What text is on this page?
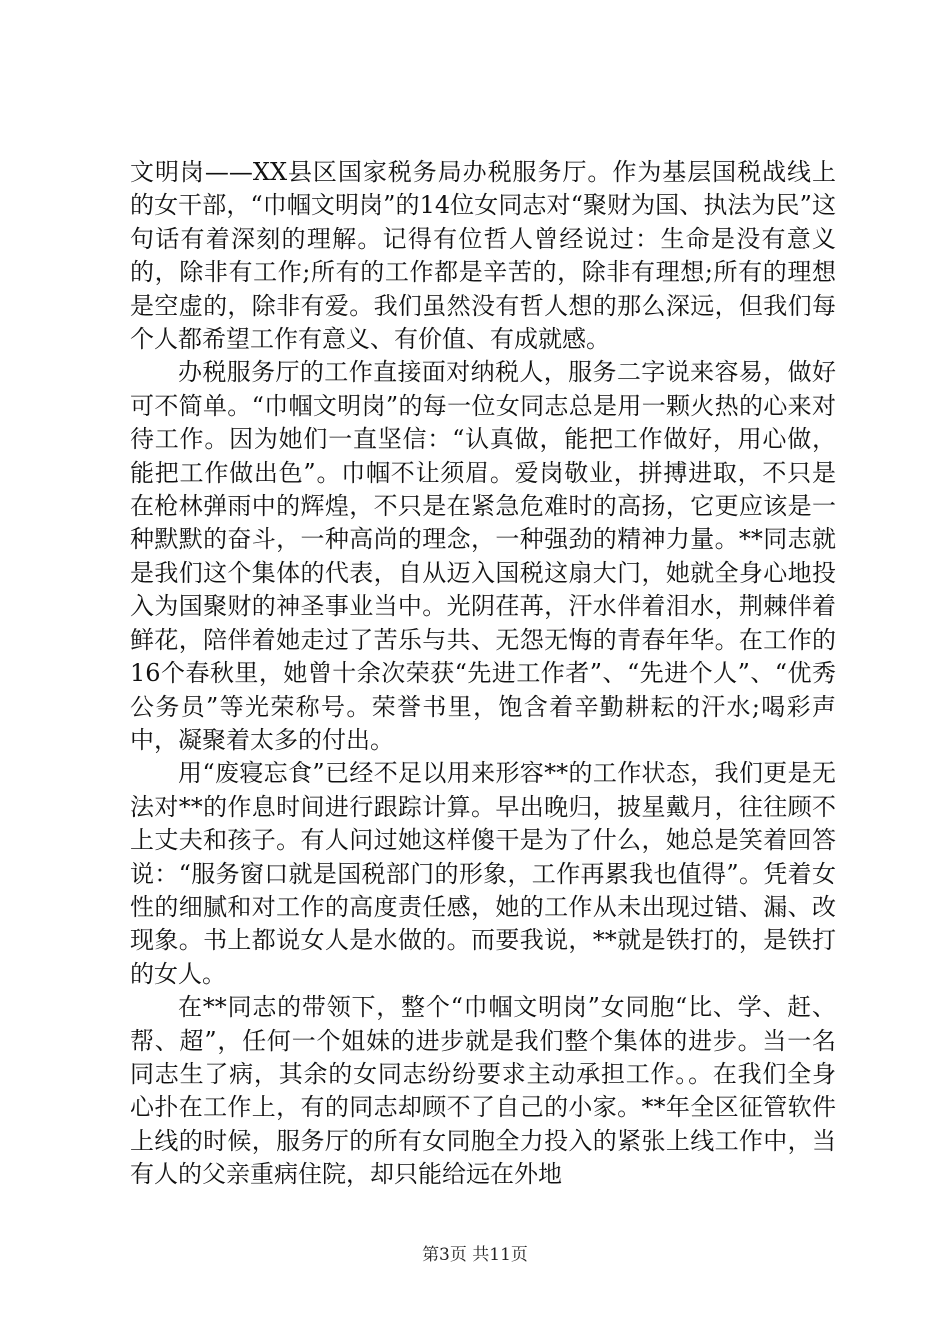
文明岗——XX县区国家税务局办税服务厅。作为基层国税战线上的女干部，“巾帼文明岗”的14位女同志对“聚财为国、执法为民”这句话有着深刻的理解。记得有位哲人曾经说过：生命是没有意义的，除非有工作;所有的工作都是辛苦的，除非有理想;所有的理想是空虚的，除非有爱。我们虽然没有哲人想的那么深远，但我们每个人都希望工作有意义、有价值、有成就感。

办税服务厅的工作直接面对纳税人，服务二字说来容易，做好可不简单。“巾帼文明岗”的每一位女同志总是用一颗火热的心来对待工作。因为她们一直坚信：“认真做，能把工作做好，用心做，能把工作做出色”。巾帼不让须眉。爱岗敬业，拼搏进取，不只是在枪林弹雨中的辉煌，不只是在紧急危难时的高扬，它更应该是一种默默的奋斗，一种高尚的理念，一种强劲的精神力量。**同志就是我们这个集体的代表，自从迈入国税这扇大门，她就全身心地投入为国聚财的神圣事业当中。光阴荏苒，汗水伴着泪水，荆棘伴着鲜花，陪伴着她走过了苦乐与共、无怨无悔的青春年华。在工作的16个春秋里，她曾十余次荣获“先进工作者”、“先进个人”、“优秀公务员”等光荣称号。荣誉书里，饱含着辛勤耕耘的汗水;喝彩声中，凝聚着太多的付出。

用“废寝忘食”已经不足以用来形容**的工作状态，我们更是无法对**的作息时间进行跟踪计算。早出晚归，披星戴月，往往顾不上丈夫和孩子。有人问过她这样傻干是为了什么，她总是笑着回答说：“服务窗口就是国税部门的形象，工作再累我也值得”。凭着女性的细腻和对工作的高度责任感，她的工作从未出现过错、漏、改现象。书上都说女人是水做的。而要我说，**就是铁打的，是铁打的女人。

在**同志的带领下，整个“巾帼文明岗”女同胞“比、学、赶、帮、超”，任何一个姐妹的进步就是我们整个集体的进步。当一名同志生了病，其余的女同志纷纷要求主动承担工作。。在我们全身心扑在工作上，有的同志却顾不了自己的小家。**年全区征管软件上线的时候，服务厅的所有女同胞全力投入的紧张上线工作中，当有人的父亲重病住院，却只能给远在外地

第3页 共11页
